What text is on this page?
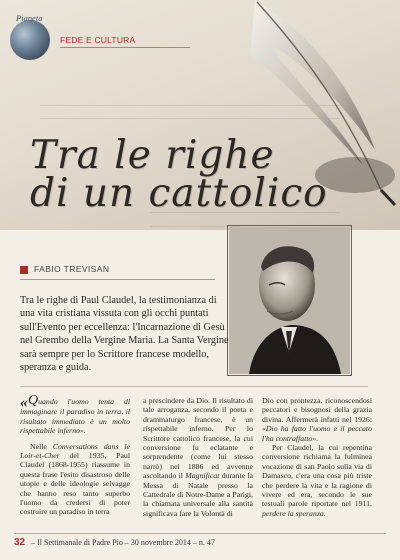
Pianeta
FEDE E CULTURA
Tra le righe
di un cattolico
FABIO TREVISAN
Tra le righe di Paul Claudel, la testimonianza di una vita cristiana vissuta con gli occhi puntati sull'Evento per eccellenza: l'Incarnazione di Gesù nel Grembo della Vergine Maria. La Santa Vergine sarà sempre per lo Scrittore francese modello, speranza e guida.

«Quando l'uomo tenta di immaginare il paradiso in terra, il risultato immediato è un molto rispettabile inferno».

Nelle Conversations dans le Loir-et-Cher del 1935, Paul Claudel (1868-1955) riassume in questa frase l'esito disastroso delle utopie e delle ideologie selvagge che hanno reso tanto superbo l'uomo da credersi di poter costruire un paradiso in terra

a prescindere da Dio. Il risultato di tale arroganza, secondo il poeta e drammaturgo francese, è un rispettabile inferno. Per lo Scrittore cattolico francese, la cui conversione fu eclatante e sorprendente (come lui stesso narrò) nel 1886 ed avvenne ascoltando il Magnificat durante la Messa di Natale presso la Cattedrale di Notre-Dame a Parigi, la chiamata universale alla santità significava fare la Volontà di

Dio con prontezza, riconoscendosi peccatori e bisognosi della grazia divina. Affermerà infatti nel 1926: «Dio ha fatto l'uomo e il peccato l'ha contraffatto».

Per Claudel, la cui repentina conversione richiama la fulminea vocazione di san Paolo sulla via di Damasco, c'era una cosa più triste che perdere la vita e la ragione di vivere ed era, secondo le sue testuali parole riportate nel 1911, perdere la speranza.

32 – Il Settimanale di Padre Pio – 30 novembre 2014 – n. 47
